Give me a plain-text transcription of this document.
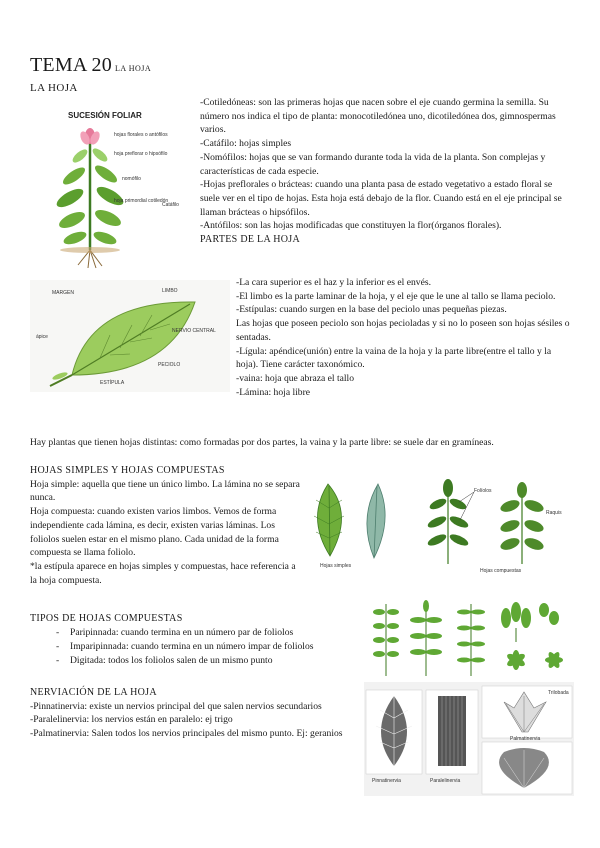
TEMA 20 LA HOJA
LA HOJA
SUCESIÓN FOLIAR
hojas florales o antófilos
hoja preflorar o hipsófilo
nomófilo
hoja primordial cotiledón
Catáfilo

-Cotiledóneas: son las primeras hojas que nacen sobre el eje cuando germina la semilla. Su número nos indica el tipo de planta: monocotiledónea uno, dicotiledónea dos, gimnospermas varios.

-Catáfilo: hojas simples

-Nomófilos: hojas que se van formando durante toda la vida de la planta. Son complejas y características de cada especie.

-Hojas preflorales o brácteas: cuando una planta pasa de estado vegetativo a estado floral se suele ver en el tipo de hojas. Esta hoja está debajo de la flor. Cuando está en el eje principal se llaman brácteas o hipsófilos.

-Antófilos: son las hojas modificadas que constituyen la flor(órganos florales).

PARTES DE LA HOJA

MARGEN	LIMBO
NERVIO CENTRAL
PECIOLO
ESTÍPULA
ápice

-La cara superior es el haz y la inferior es el envés.

-El limbo es la parte laminar de la hoja, y el eje que le une al tallo se llama peciolo.

-Estípulas: cuando surgen en la base del peciolo unas pequeñas piezas.

Las hojas que poseen peciolo son hojas pecioladas y si no lo poseen son hojas sésiles o sentadas.

-Lígula: apéndice(unión) entre la vaina de la hoja y la parte libre(entre el tallo y la hoja). Tiene carácter taxonómico.

-vaina: hoja que abraza el tallo

-Lámina: hoja libre

Hay plantas que tienen hojas distintas: como formadas por dos partes, la vaina y la parte libre: se suele dar en gramíneas.

HOJAS SIMPLES Y HOJAS COMPUESTAS

Hoja simple: aquella que tiene un único limbo. La lámina no se separa nunca.

Hoja compuesta: cuando existen varios limbos. Vemos de forma independiente cada lámina, es decir, existen varias láminas. Los foliolos suelen estar en el mismo plano. Cada unidad de la forma compuesta se llama foliolo.

*la estípula aparece en hojas simples y compuestas, hace referencia a la hoja compuesta.

Hojas simples
Folíolos
Raquis
Hojas compuestas

TIPOS DE HOJAS COMPUESTAS

- Paripinnada: cuando termina en un número par de foliolos
- Imparipinnada: cuando termina en un número impar de foliolos
- Digitada: todos los foliolos salen de un mismo punto

NERVIACIÓN DE LA HOJA

-Pinnatinervia: existe un nervios principal del que salen nervios secundarios

-Paralelinervia: los nervios están en paralelo: ej trigo

-Palmatinervia: Salen todos los nervios principales del mismo punto. Ej: geranios

Pinnatinervia	Paralelinervia
Palmatinervia
Trilobada
